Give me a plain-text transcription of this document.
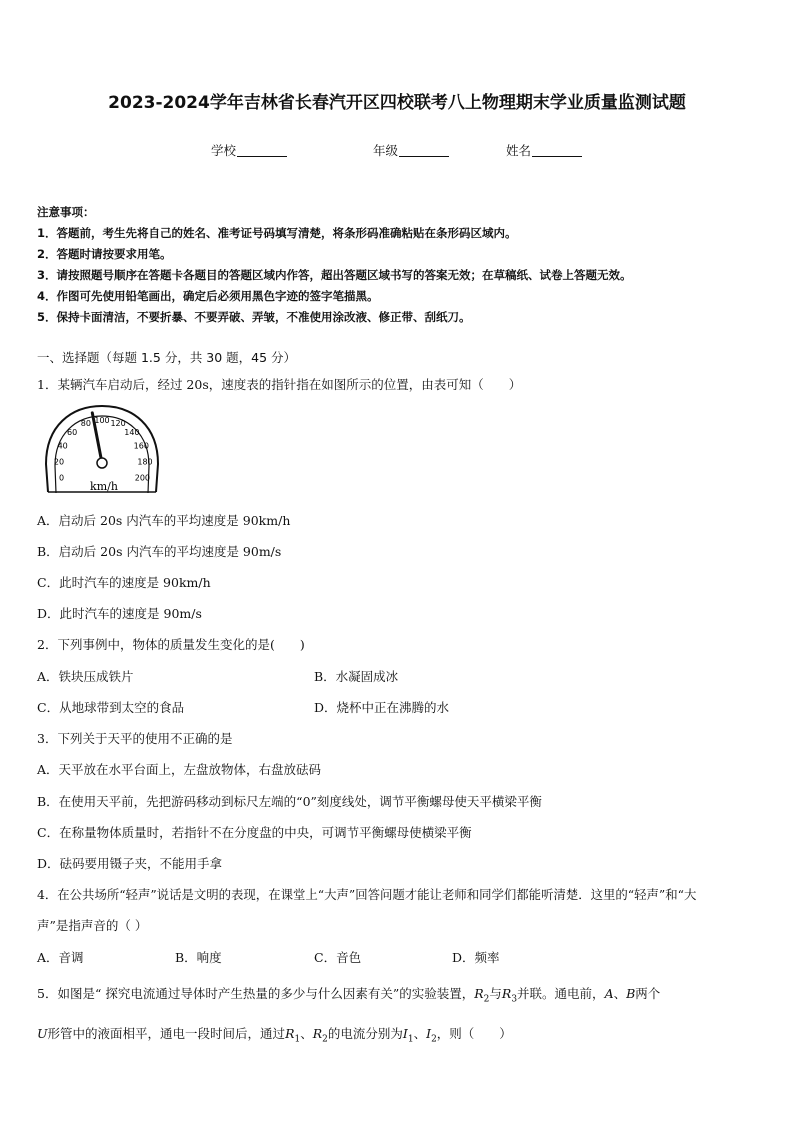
2023-2024学年吉林省长春汽开区四校联考八上物理期末学业质量监测试题
学校	年级	姓名
注意事项：
1．答题前，考生先将自己的姓名、准考证号码填写清楚，将条形码准确粘贴在条形码区域内。
2．答题时请按要求用笔。
3．请按照题号顺序在答题卡各题目的答题区域内作答，超出答题区域书写的答案无效；在草稿纸、试卷上答题无效。
4．作图可先使用铅笔画出，确定后必须用黑色字迹的签字笔描黑。
5．保持卡面清洁，不要折暴、不要弄破、弄皱，不准使用涂改液、修正带、刮纸刀。
一、选择题（每题 1.5 分，共 30 题，45 分）
1．某辆汽车启动后，经过 20s，速度表的指针指在如图所示的位置，由表可知（　　）
0
20
40
60
80 100 120
140
160
180
200
km/h
A．启动后 20s 内汽车的平均速度是 90km/h
B．启动后 20s 内汽车的平均速度是 90m/s
C．此时汽车的速度是 90km/h
D．此时汽车的速度是 90m/s
2．下列事例中，物体的质量发生变化的是(　　)
A．铁块压成铁片	B．水凝固成冰
C．从地球带到太空的食品	D．烧杯中正在沸腾的水
3．下列关于天平的使用不正确的是
A．天平放在水平台面上，左盘放物体，右盘放砝码
B．在使用天平前，先把游码移动到标尺左端的“0”刻度线处，调节平衡螺母使天平横梁平衡
C．在称量物体质量时，若指针不在分度盘的中央，可调节平衡螺母使横梁平衡
D．砝码要用镊子夹，不能用手拿
4．在公共场所“轻声”说话是文明的表现，在课堂上“大声”回答问题才能让老师和同学们都能听清楚．这里的“轻声”和“大
声”是指声音的（ ）
A．音调	B．响度	C．音色	D．频率
5．如图是“ 探究电流通过导体时产生热量的多少与什么因素有关”的实验装置，$R_2$与$R_3$并联。通电前，A、B两个
U形管中的液面相平，通电一段时间后，通过$R_1$、$R_2$的电流分别为$I_1$、$I_2$，则（　　）
